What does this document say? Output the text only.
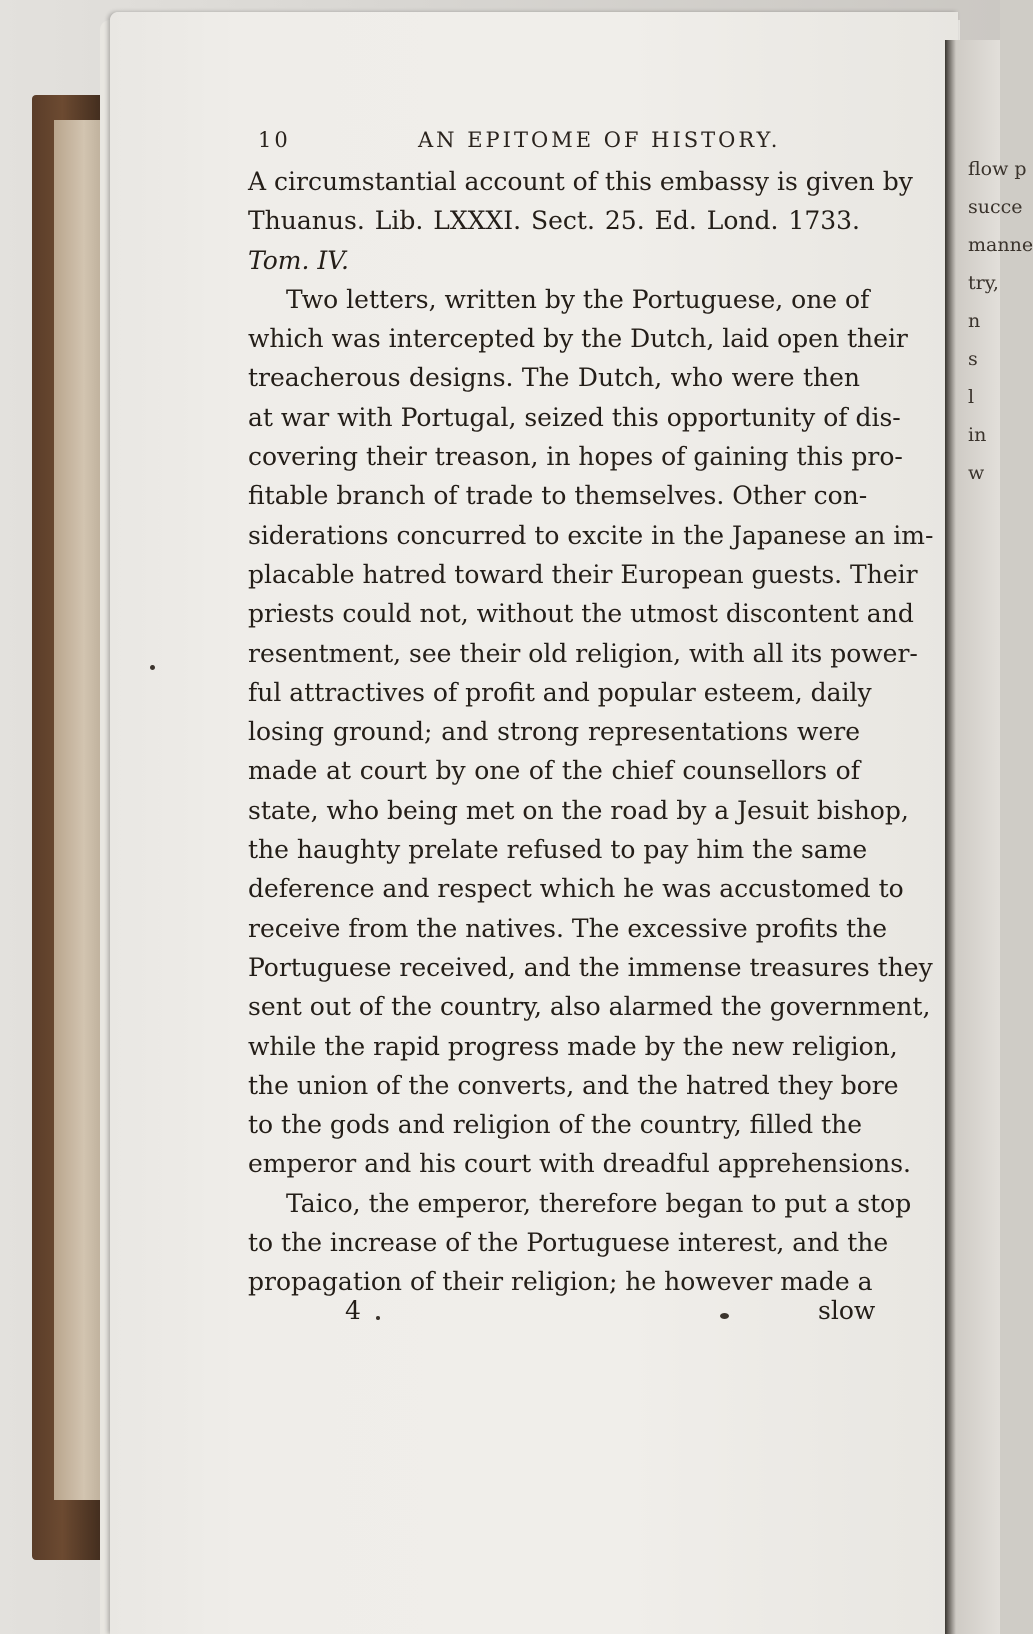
flow p
succe
manne
try,
n
s
l
in
w
10	AN EPITOME OF HISTORY.
A circumstantial account of this embassy is given by
Thuanus. Lib. LXXXI. Sect. 25. Ed. Lond. 1733.
Tom. IV.
Two letters, written by the Portuguese, one of
which was intercepted by the Dutch, laid open their
treacherous designs. The Dutch, who were then
at war with Portugal, seized this opportunity of dis-
covering their treason, in hopes of gaining this pro-
fitable branch of trade to themselves. Other con-
siderations concurred to excite in the Japanese an im-
placable hatred toward their European guests. Their
priests could not, without the utmost discontent and
resentment, see their old religion, with all its power-
ful attractives of profit and popular esteem, daily
losing ground; and strong representations were
made at court by one of the chief counsellors of
state, who being met on the road by a Jesuit bishop,
the haughty prelate refused to pay him the same
deference and respect which he was accustomed to
receive from the natives. The excessive profits the
Portuguese received, and the immense treasures they
sent out of the country, also alarmed the government,
while the rapid progress made by the new religion,
the union of the converts, and the hatred they bore
to the gods and religion of the country, filled the
emperor and his court with dreadful apprehensions.
Taico, the emperor, therefore began to put a stop
to the increase of the Portuguese interest, and the
propagation of their religion; he however made a
4	slow
